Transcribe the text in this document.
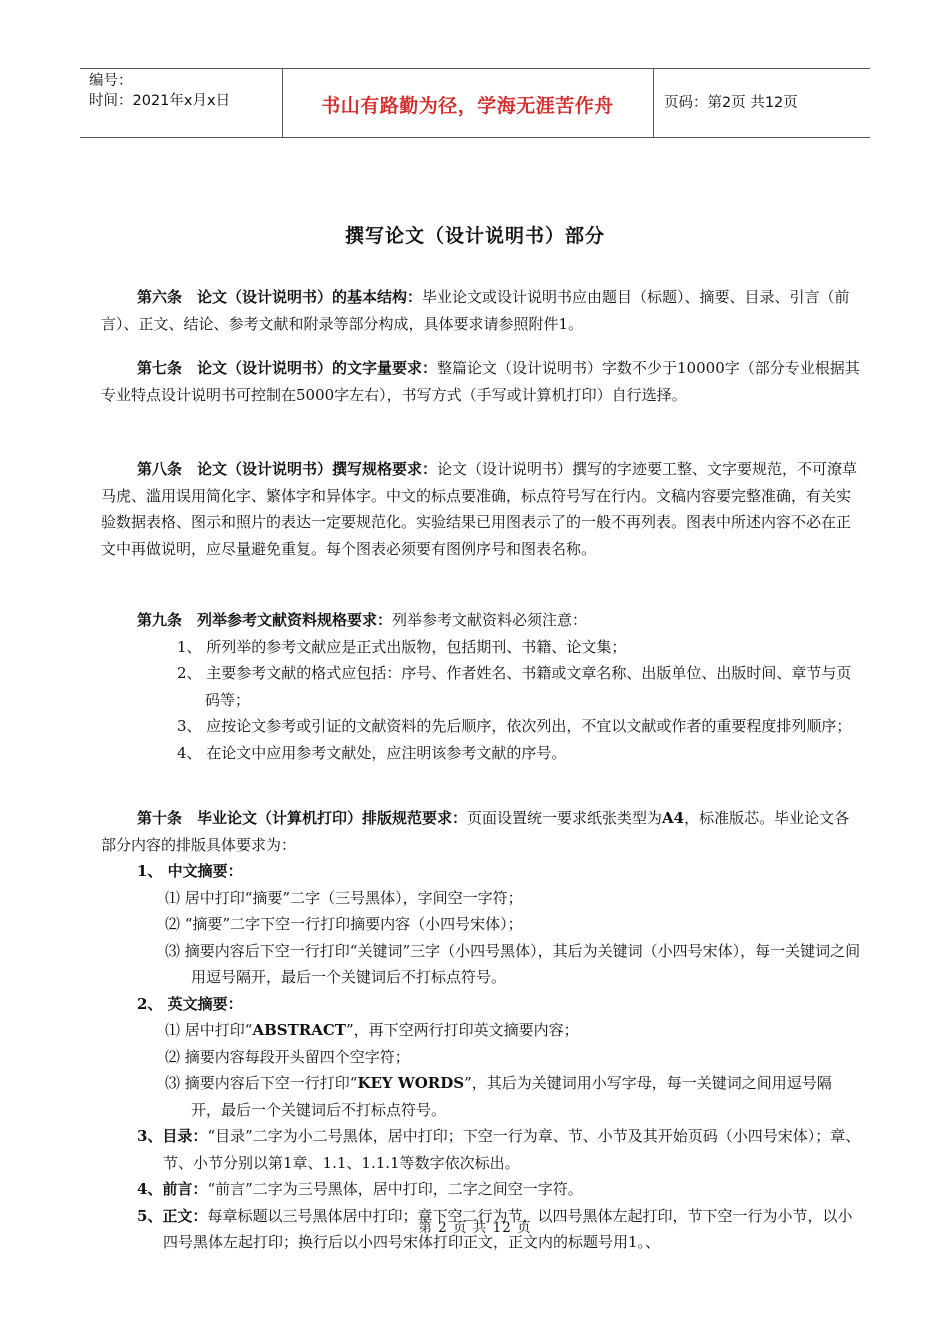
编号：
时间：2021年x月x日	书山有路勤为径，学海无涯苦作舟	页码：第2页 共12页
撰写论文（设计说明书）部分

第六条　论文（设计说明书）的基本结构：毕业论文或设计说明书应由题目（标题）、摘要、目录、引言（前言）、正文、结论、参考文献和附录等部分构成，具体要求请参照附件1。

第七条　论文（设计说明书）的文字量要求：整篇论文（设计说明书）字数不少于10000字（部分专业根据其专业特点设计说明书可控制在5000字左右），书写方式（手写或计算机打印）自行选择。

第八条　论文（设计说明书）撰写规格要求：论文（设计说明书）撰写的字迹要工整、文字要规范，不可潦草马虎、滥用误用简化字、繁体字和异体字。中文的标点要准确，标点符号写在行内。文稿内容要完整准确，有关实验数据表格、图示和照片的表达一定要规范化。实验结果已用图表示了的一般不再列表。图表中所述内容不必在正文中再做说明，应尽量避免重复。每个图表必须要有图例序号和图表名称。

第九条　列举参考文献资料规格要求：列举参考文献资料必须注意：

1、 所列举的参考文献应是正式出版物，包括期刊、书籍、论文集；

2、 主要参考文献的格式应包括：序号、作者姓名、书籍或文章名称、出版单位、出版时间、章节与页码等；

3、 应按论文参考或引证的文献资料的先后顺序，依次列出，不宜以文献或作者的重要程度排列顺序；

4、 在论文中应用参考文献处，应注明该参考文献的序号。

第十条　毕业论文（计算机打印）排版规范要求：页面设置统一要求纸张类型为A4，标准版芯。毕业论文各部分内容的排版具体要求为：

1、 中文摘要：

⑴ 居中打印“摘要”二字（三号黑体），字间空一字符；

⑵ “摘要”二字下空一行打印摘要内容（小四号宋体）；

⑶ 摘要内容后下空一行打印“关键词”三字（小四号黑体），其后为关键词（小四号宋体），每一关键词之间用逗号隔开，最后一个关键词后不打标点符号。

2、 英文摘要：

⑴ 居中打印“ABSTRACT”，再下空两行打印英文摘要内容；

⑵ 摘要内容每段开头留四个空字符；

⑶ 摘要内容后下空一行打印“KEY WORDS”，其后为关键词用小写字母，每一关键词之间用逗号隔开，最后一个关键词后不打标点符号。

3、目录：“目录”二字为小二号黑体，居中打印；下空一行为章、节、小节及其开始页码（小四号宋体）；章、节、小节分别以第1章、1.1、1.1.1等数字依次标出。

4、前言：“前言”二字为三号黑体，居中打印，二字之间空一字符。

5、正文：每章标题以三号黑体居中打印；章下空二行为节，以四号黑体左起打印，节下空一行为小节，以小四号黑体左起打印；换行后以小四号宋体打印正文，正文内的标题号用1。、

第 2 页 共 12 页
